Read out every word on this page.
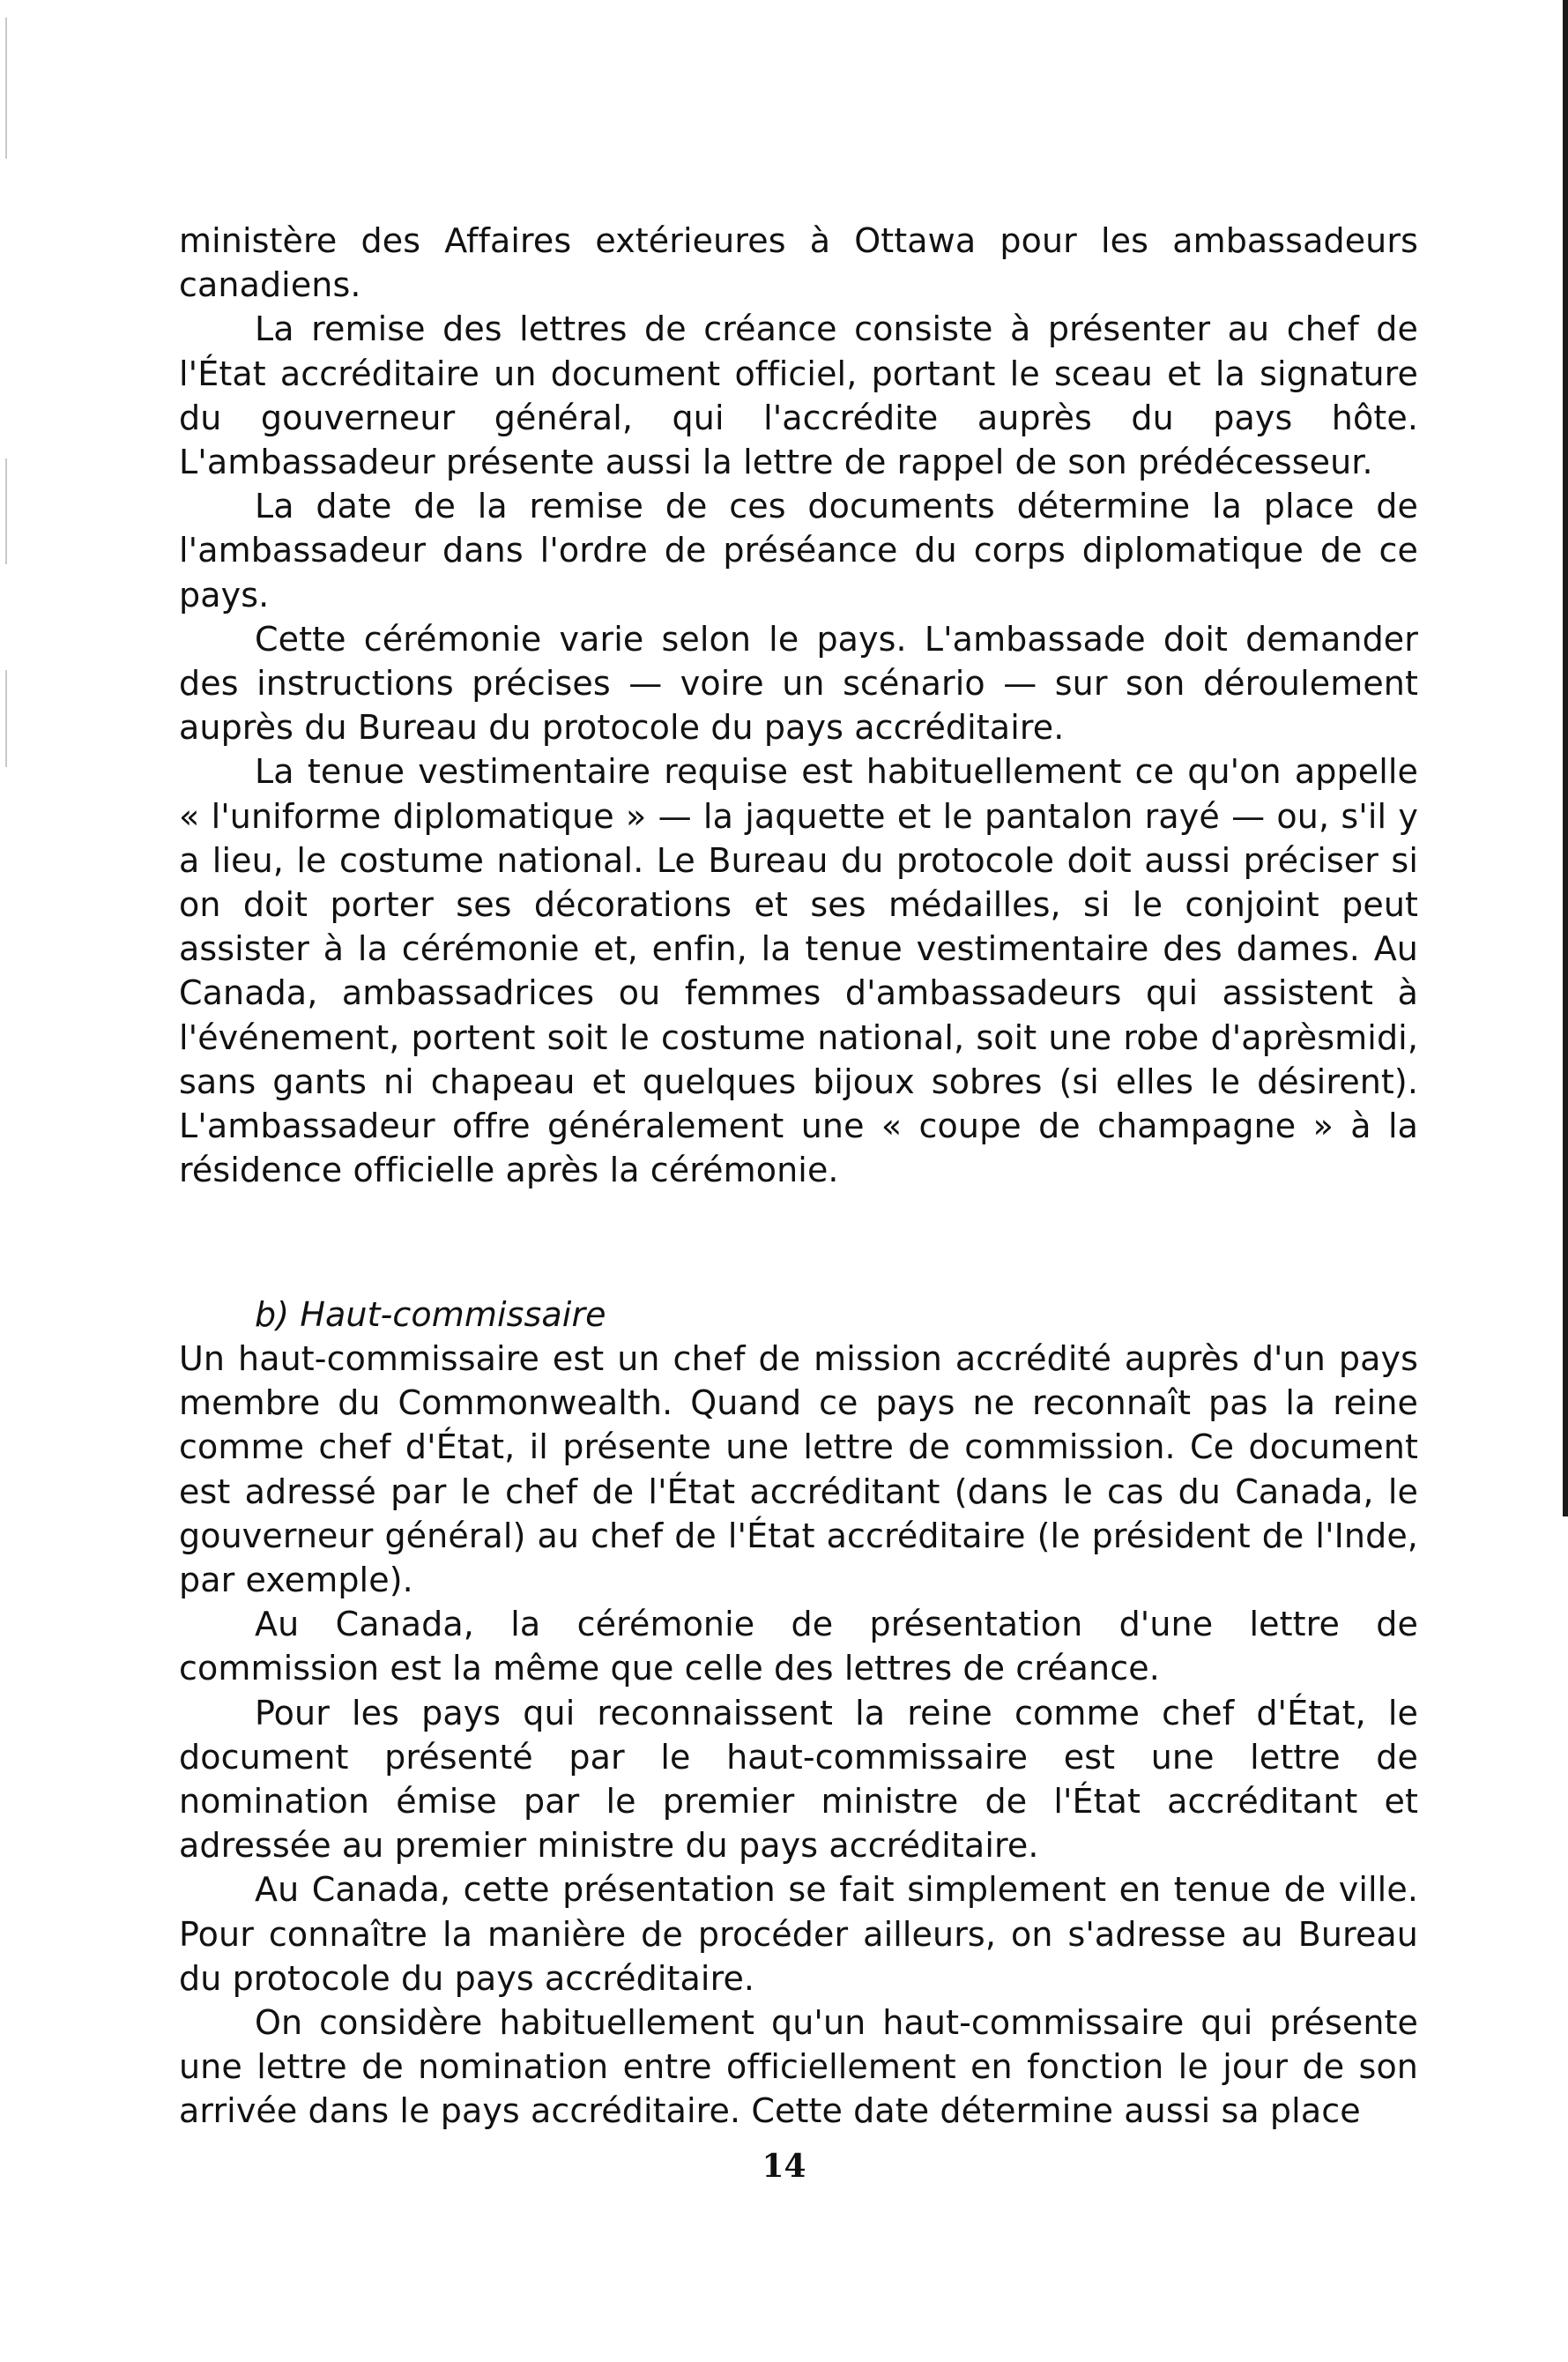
ministère des Affaires extérieures à Ottawa pour les ambassadeurs canadiens.

La remise des lettres de créance consiste à présenter au chef de l'État accréditaire un document officiel, portant le sceau et la signature du gouverneur général, qui l'accrédite auprès du pays hôte. L'ambassadeur présente aussi la lettre de rappel de son prédécesseur.

La date de la remise de ces documents détermine la place de l'ambassadeur dans l'ordre de préséance du corps diplomatique de ce pays.

Cette cérémonie varie selon le pays. L'ambassade doit demander des instructions précises — voire un scénario — sur son déroulement auprès du Bureau du protocole du pays accréditaire.

La tenue vestimentaire requise est habituellement ce qu'on appelle « l'uniforme diplomatique » — la jaquette et le pantalon rayé — ou, s'il y a lieu, le costume national. Le Bureau du protocole doit aussi préciser si on doit porter ses décorations et ses médailles, si le conjoint peut assister à la cérémonie et, enfin, la tenue vestimentaire des dames. Au Canada, ambassadrices ou femmes d'ambassadeurs qui assistent à l'événement, portent soit le costume national, soit une robe d'aprèsmidi, sans gants ni chapeau et quelques bijoux sobres (si elles le désirent). L'ambassadeur offre généralement une « coupe de champagne » à la résidence officielle après la cérémonie.

b) Haut-commissaire

Un haut-commissaire est un chef de mission accrédité auprès d'un pays membre du Commonwealth. Quand ce pays ne reconnaît pas la reine comme chef d'État, il présente une lettre de commission. Ce document est adressé par le chef de l'État accréditant (dans le cas du Canada, le gouverneur général) au chef de l'État accréditaire (le président de l'Inde, par exemple).

Au Canada, la cérémonie de présentation d'une lettre de commission est la même que celle des lettres de créance.

Pour les pays qui reconnaissent la reine comme chef d'État, le document présenté par le haut-commissaire est une lettre de nomination émise par le premier ministre de l'État accréditant et adressée au premier ministre du pays accréditaire.

Au Canada, cette présentation se fait simplement en tenue de ville. Pour connaître la manière de procéder ailleurs, on s'adresse au Bureau du protocole du pays accréditaire.

On considère habituellement qu'un haut-commissaire qui présente une lettre de nomination entre officiellement en fonction le jour de son arrivée dans le pays accréditaire. Cette date détermine aussi sa place

14
